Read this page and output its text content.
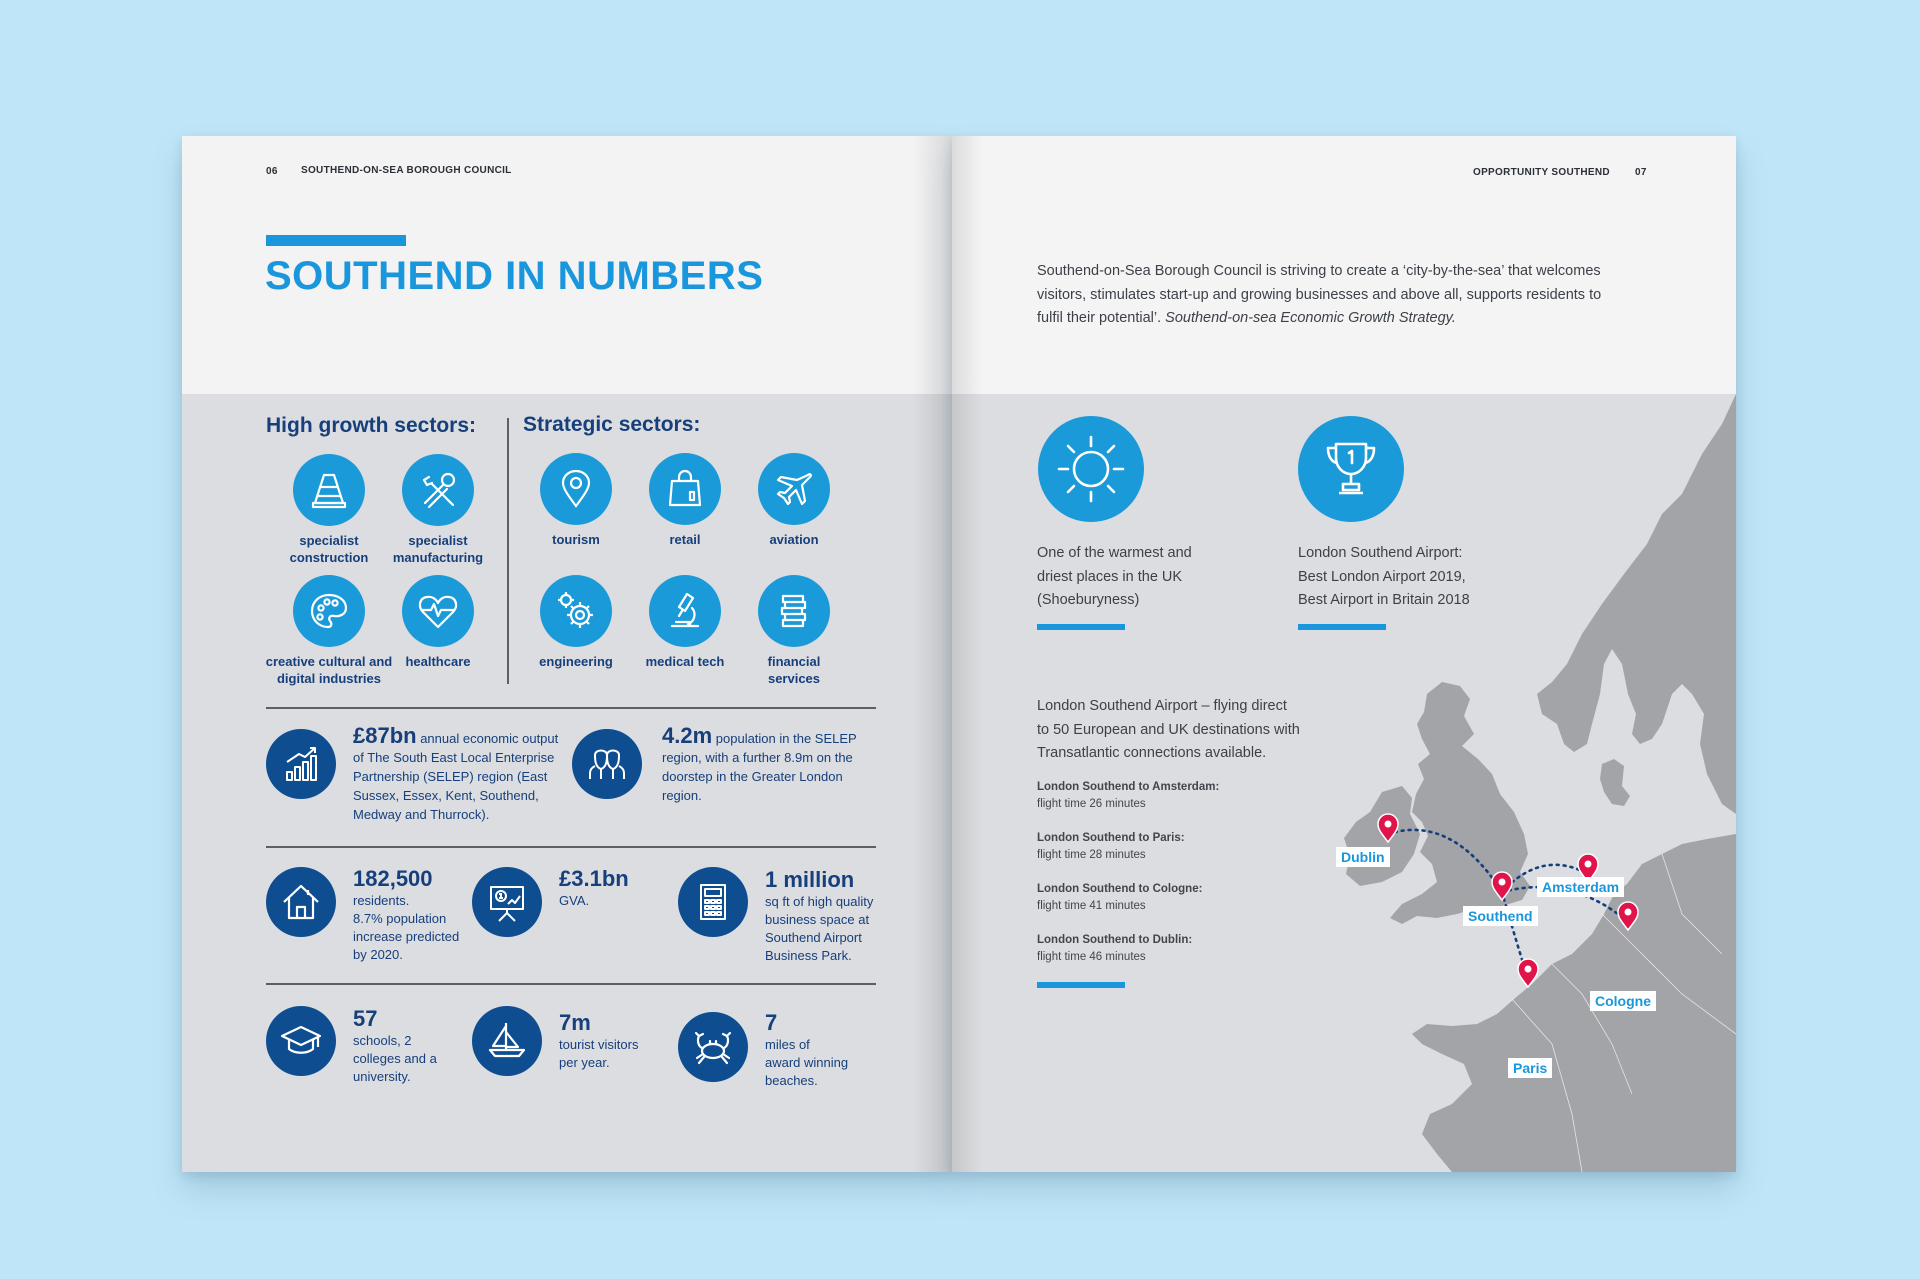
06 SOUTHEND-ON-SEA BOROUGH COUNCIL
SOUTHEND IN NUMBERS
High growth sectors: Strategic sectors:
specialist
construction
specialist
manufacturing
creative cultural and
digital industries
healthcare
tourism	retail	aviation
engineering	medical tech	financial
services
£87bn annual economic output of The South East Local Enterprise Partnership (SELEP) region (East Sussex, Essex, Kent, Southend, Medway and Thurrock).
4.2m population in the SELEP region, with a further 8.9m on the doorstep in the Greater London region.
182,500
residents.
8.7% population
increase predicted
by 2020.
£3.1bn
GVA.
1 million
sq ft of high quality
business space at
Southend Airport
Business Park.
57
schools, 2
colleges and a
university.
7m
tourist visitors
per year.
7
miles of
award winning
beaches.
Dublin
Southend
Amsterdam
Cologne
Paris
OPPORTUNITY SOUTHEND	07
Southend-on-Sea Borough Council is striving to create a ‘city-by-the-sea’ that welcomes
visitors, stimulates start-up and growing businesses and above all, supports residents to
fulfil their potential’. Southend-on-sea Economic Growth Strategy.
One of the warmest and
driest places in the UK
(Shoeburyness)
London Southend Airport:
Best London Airport 2019,
Best Airport in Britain 2018
London Southend Airport – flying direct
to 50 European and UK destinations with
Transatlantic connections available.
London Southend to Amsterdam:
flight time 26 minutes
London Southend to Paris:
flight time 28 minutes
London Southend to Cologne:
flight time 41 minutes
London Southend to Dublin:
flight time 46 minutes
